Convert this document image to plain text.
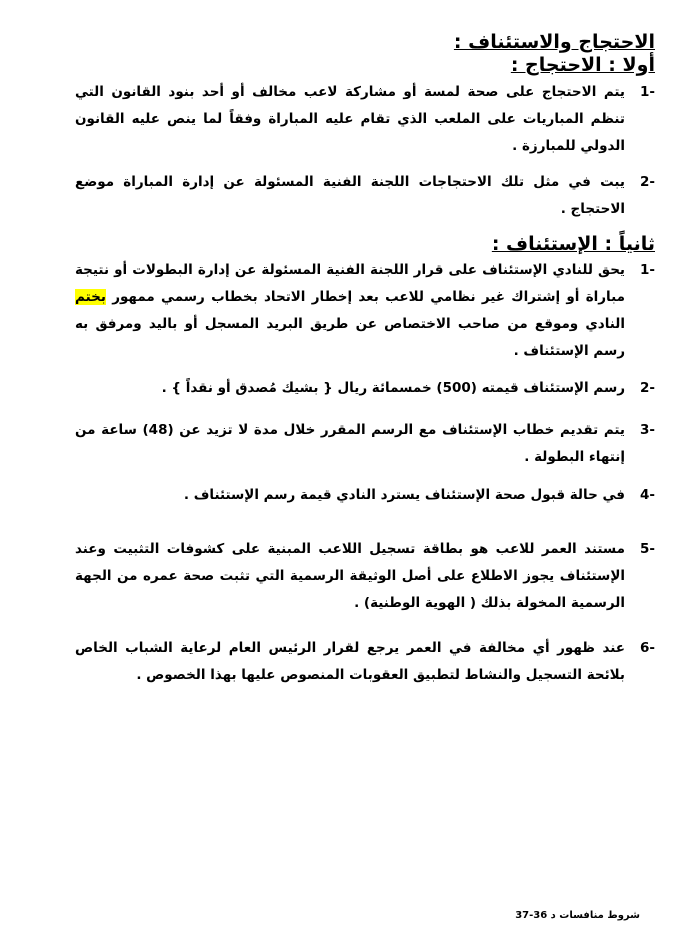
الاحتجاج والاستئناف :
أولا : الاحتجاج :
1-
يتم الاحتجاج على صحة لمسة أو مشاركة لاعب مخالف أو أحد بنود القانون التي تنظم المباريات على الملعب الذي تقام عليه المباراة وفقاً لما ينص عليه القانون الدولي للمبارزة .
2-
يبت في مثل تلك الاحتجاجات اللجنة الفنية المسئولة عن إدارة المباراة موضع الاحتجاج .
ثانياً : الإستئناف :
1-
يحق للنادي الإستئناف على قرار اللجنة الفنية المسئولة عن إدارة البطولات أو نتيجة مباراة أو إشتراك غير نظامي للاعب بعد إخطار الاتحاد بخطاب رسمي ممهور بختم النادي وموقع من صاحب الاختصاص عن طريق البريد المسجل أو باليد ومرفق به رسم الإستئناف .
2-
رسم الإستئناف قيمته (500) خمسمائة ريال { بشيك مُصدق أو نقداً } .
3-
يتم تقديم خطاب الإستئناف مع الرسم المقرر خلال مدة لا تزيد عن (48) ساعة من إنتهاء البطولة .
4-
في حالة قبول صحة الإستئناف يسترد النادي قيمة رسم الإستئناف .
5-
مستند العمر للاعب هو بطاقة تسجيل اللاعب المبنية على كشوفات التثبيت وعند الإستئناف يجوز الاطلاع على أصل الوثيقة الرسمية التي تثبت صحة عمره من الجهة الرسمية المخولة بذلك ( الهوية الوطنية) .
6-
عند ظهور أي مخالفة في العمر يرجع لقرار الرئيس العام لرعاية الشباب الخاص بلائحة التسجيل والنشاط لتطبيق العقوبات المنصوص عليها بهذا الخصوص .
شروط منافسات د 36-37
